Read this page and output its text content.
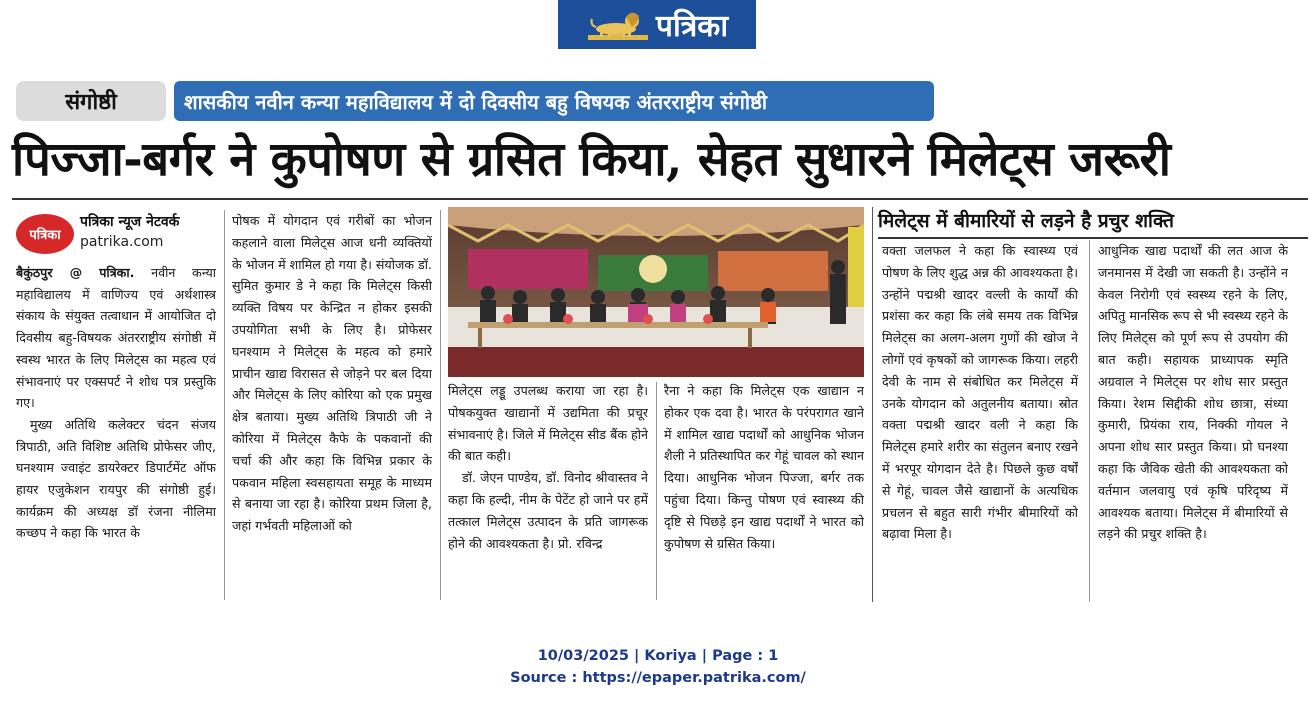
पत्रिका
संगोष्ठी	शासकीय नवीन कन्या महाविद्यालय में दो दिवसीय बहु विषयक अंतरराष्ट्रीय संगोष्ठी
पिज्जा-बर्गर ने कुपोषण से ग्रसित किया, सेहत सुधारने मिलेट्स जरूरी
पत्रिका
पत्रिका न्यूज नेटवर्क
patrika.com

बैकुंठपुर @ पत्रिका. नवीन कन्या महाविद्यालय में वाणिज्य एवं अर्थशास्त्र संकाय के संयुक्त तत्वाधान में आयोजित दो दिवसीय बहु-विषयक अंतरराष्ट्रीय संगोष्ठी में स्वस्थ भारत के लिए मिलेट्स का महत्व एवं संभावनाएं पर एक्सपर्ट ने शोध पत्र प्रस्तुकि गए।

मुख्य अतिथि कलेक्टर चंदन संजय त्रिपाठी, अति विशिष्ट अतिथि प्रोफेसर जीए, घनश्याम ज्वाइंट डायरेक्टर डिपार्टमेंट ऑफ हायर एजुकेशन रायपुर की संगोष्ठी हुई। कार्यक्रम की अध्यक्ष डॉ रंजना नीलिमा कच्छप ने कहा कि भारत के

पोषक में योगदान एवं गरीबों का भोजन कहलाने वाला मिलेट्स आज धनी व्यक्तियों के भोजन में शामिल हो गया है। संयोजक डॉ. सुमित कुमार डे ने कहा कि मिलेट्स किसी व्यक्ति विषय पर केन्द्रित न होकर इसकी उपयोगिता सभी के लिए है। प्रोफेसर घनश्याम ने मिलेट्स के महत्व को हमारे प्राचीन खाद्य विरासत से जोड़ने पर बल दिया और मिलेट्स के लिए कोरिया को एक प्रमुख क्षेत्र बताया। मुख्य अतिथि त्रिपाठी जी ने कोरिया में मिलेट्स कैफे के पकवानों की चर्चा की और कहा कि विभिन्न प्रकार के पकवान महिला स्वसहायता समूह के माध्यम से बनाया जा रहा है। कोरिया प्रथम जिला है, जहां गर्भवती महिलाओं को

मिलेट्स लड्डू उपलब्ध कराया जा रहा है। पोषकयुक्त खाद्यानों में उद्यमिता की प्रचूर संभावनाएं है। जिले में मिलेट्स सीड बैंक होने की बात कही।

डॉ. जेएन पाण्डेय, डॉ. विनोद श्रीवास्तव ने कहा कि हल्दी, नीम के पेटेंट हो जाने पर हमें तत्काल मिलेट्स उत्पादन के प्रति जागरूक होने की आवश्यकता है। प्रो. रविन्द्र

रैना ने कहा कि मिलेट्स एक खाद्यान न होकर एक दवा है। भारत के परंपरागत खाने में शामिल खाद्य पदार्थों को आधुनिक भोजन शैली ने प्रतिस्थापित कर गेहूं चावल को स्थान दिया। आधुनिक भोजन पिज्जा, बर्गर तक पहुंचा दिया। किन्तु पोषण एवं स्वास्थ्य की दृष्टि से पिछड़े इन खाद्य पदार्थों ने भारत को कुपोषण से ग्रसित किया।

मिलेट्स में बीमारियों से लड़ने है प्रचुर शक्ति

वक्ता जलफल ने कहा कि स्वास्थ्य एवं पोषण के लिए शुद्ध अन्न की आवश्यकता है। उन्होंने पद्मश्री खादर वल्ली के कार्यों की प्रशंसा कर कहा कि लंबे समय तक विभिन्न मिलेट्स का अलग-अलग गुणों की खोज ने लोगों एवं कृषकों को जागरूक किया। लहरी देवी के नाम से संबोधित कर मिलेट्स में उनके योगदान को अतुलनीय बताया। स्रोत वक्ता पद्मश्री खादर वली ने कहा कि मिलेट्स हमारे शरीर का संतुलन बनाए रखने में भरपूर योगदान देते है। पिछले कुछ वर्षों से गेहूं, चावल जैसे खाद्यानों के अत्यधिक प्रचलन से बहुत सारी गंभीर बीमारियों को बढ़ावा मिला है।

आधुनिक खाद्य पदार्थों की लत आज के जनमानस में देखी जा सकती है। उन्होंने न केवल निरोगी एवं स्वस्थ्य रहने के लिए, अपितु मानसिक रूप से भी स्वस्थ्य रहने के लिए मिलेट्स को पूर्ण रूप से उपयोग की बात कही। सहायक प्राध्यापक स्मृति अग्रवाल ने मिलेट्स पर शोध सार प्रस्तुत किया। रेशम सिद्दीकी शोध छात्रा, संध्या कुमारी, प्रियंका राय, निक्की गोयल ने अपना शोध सार प्रस्तुत किया। प्रो घनश्या कहा कि जैविक खेती की आवश्यकता को वर्तमान जलवायु एवं कृषि परिदृष्य में आवश्यक बताया। मिलेट्स में बीमारियों से लड़ने की प्रचुर शक्ति है।

10/03/2025 | Koriya | Page : 1
Source : https://epaper.patrika.com/
